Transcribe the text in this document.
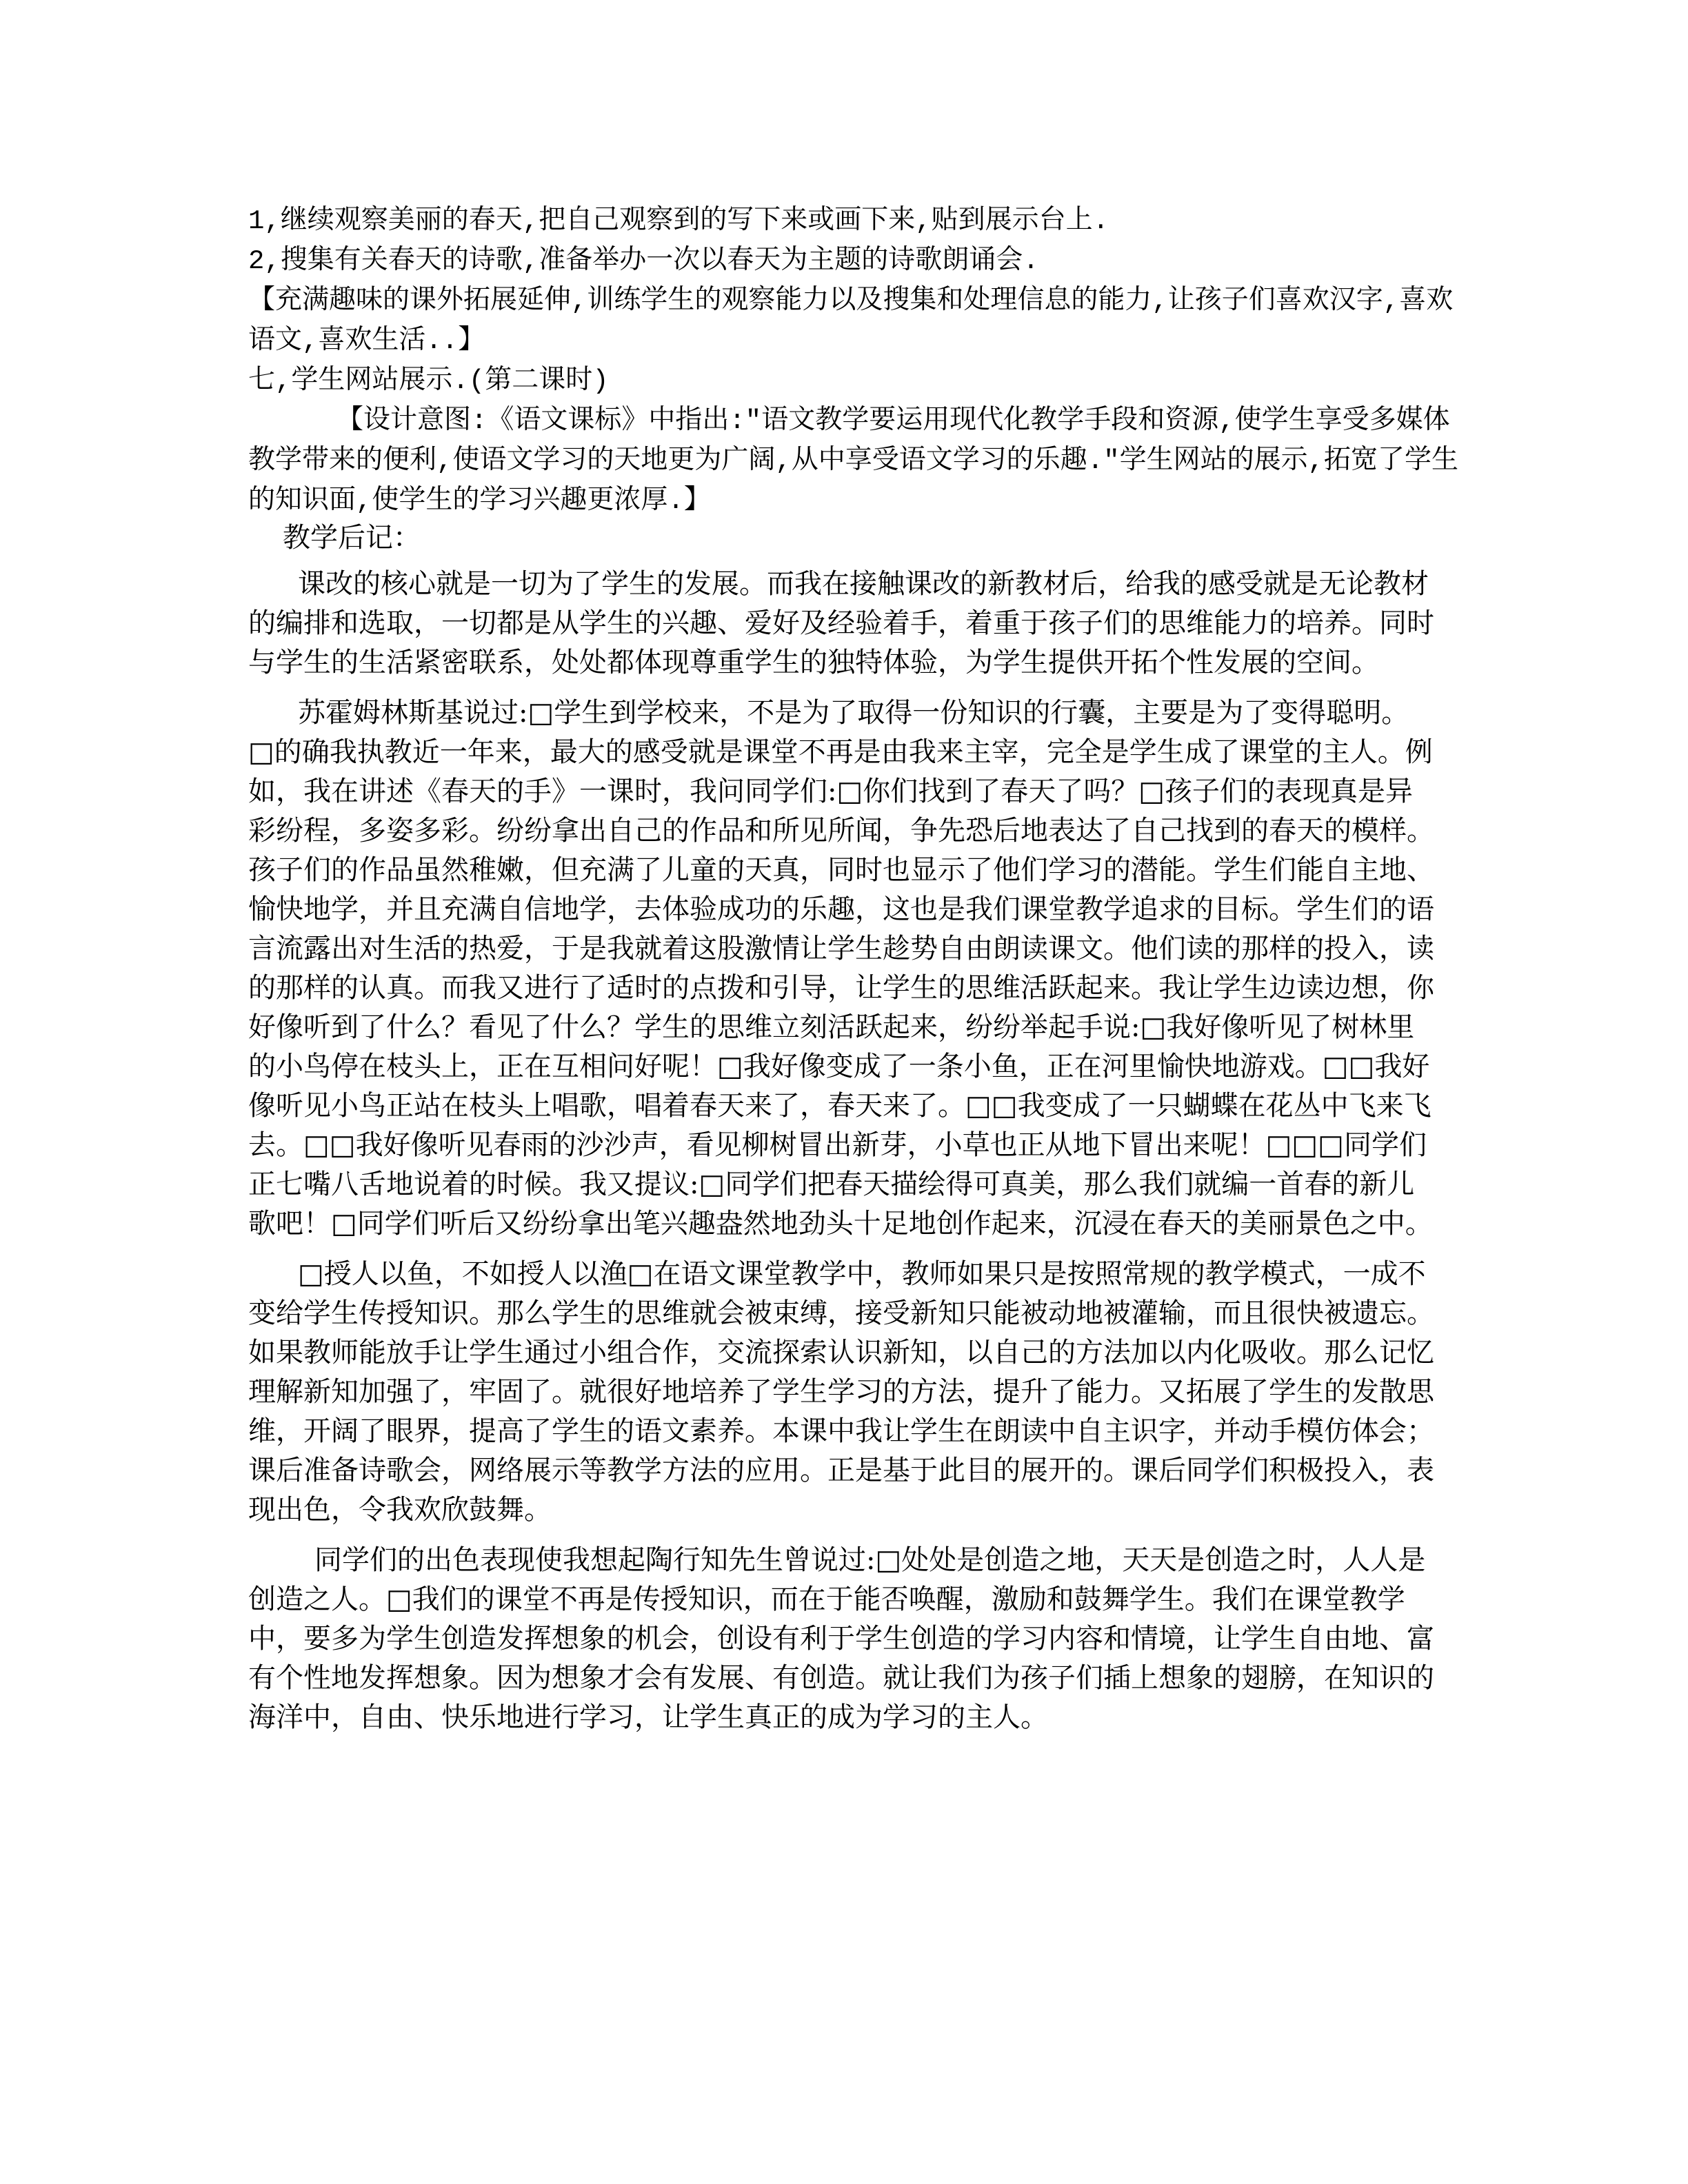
1,继续观察美丽的春天,把自己观察到的写下来或画下来,贴到展示台上.

2,搜集有关春天的诗歌,准备举办一次以春天为主题的诗歌朗诵会.

【充满趣味的课外拓展延伸,训练学生的观察能力以及搜集和处理信息的能力,让孩子们喜欢汉字,喜欢语文,喜欢生活..】

七,学生网站展示.(第二课时)

【设计意图:《语文课标》中指出:"语文教学要运用现代化教学手段和资源,使学生享受多媒体教学带来的便利,使语文学习的天地更为广阔,从中享受语文学习的乐趣."学生网站的展示,拓宽了学生的知识面,使学生的学习兴趣更浓厚.】

教学后记：

课改的核心就是一切为了学生的发展。而我在接触课改的新教材后，给我的感受就是无论教材的编排和选取，一切都是从学生的兴趣、爱好及经验着手，着重于孩子们的思维能力的培养。同时与学生的生活紧密联系，处处都体现尊重学生的独特体验，为学生提供开拓个性发展的空间。

苏霍姆林斯基说过:□学生到学校来，不是为了取得一份知识的行囊，主要是为了变得聪明。□的确我执教近一年来，最大的感受就是课堂不再是由我来主宰，完全是学生成了课堂的主人。例如，我在讲述《春天的手》一课时，我问同学们:□你们找到了春天了吗？□孩子们的表现真是异彩纷程，多姿多彩。纷纷拿出自己的作品和所见所闻，争先恐后地表达了自己找到的春天的模样。孩子们的作品虽然稚嫩，但充满了儿童的天真，同时也显示了他们学习的潜能。学生们能自主地、愉快地学，并且充满自信地学，去体验成功的乐趣，这也是我们课堂教学追求的目标。学生们的语言流露出对生活的热爱，于是我就着这股激情让学生趁势自由朗读课文。他们读的那样的投入，读的那样的认真。而我又进行了适时的点拨和引导，让学生的思维活跃起来。我让学生边读边想，你好像听到了什么？看见了什么？学生的思维立刻活跃起来，纷纷举起手说:□我好像听见了树林里的小鸟停在枝头上，正在互相问好呢！□我好像变成了一条小鱼，正在河里愉快地游戏。□□我好像听见小鸟正站在枝头上唱歌，唱着春天来了，春天来了。□□我变成了一只蝴蝶在花丛中飞来飞去。□□我好像听见春雨的沙沙声，看见柳树冒出新芽，小草也正从地下冒出来呢！□□□同学们正七嘴八舌地说着的时候。我又提议:□同学们把春天描绘得可真美，那么我们就编一首春的新儿歌吧！□同学们听后又纷纷拿出笔兴趣盎然地劲头十足地创作起来，沉浸在春天的美丽景色之中。

□授人以鱼，不如授人以渔□在语文课堂教学中，教师如果只是按照常规的教学模式，一成不变给学生传授知识。那么学生的思维就会被束缚，接受新知只能被动地被灌输，而且很快被遗忘。如果教师能放手让学生通过小组合作，交流探索认识新知，以自己的方法加以内化吸收。那么记忆理解新知加强了，牢固了。就很好地培养了学生学习的方法，提升了能力。又拓展了学生的发散思维，开阔了眼界，提高了学生的语文素养。本课中我让学生在朗读中自主识字，并动手模仿体会；课后准备诗歌会，网络展示等教学方法的应用。正是基于此目的展开的。课后同学们积极投入，表现出色，令我欢欣鼓舞。

同学们的出色表现使我想起陶行知先生曾说过:□处处是创造之地，天天是创造之时，人人是创造之人。□我们的课堂不再是传授知识，而在于能否唤醒，激励和鼓舞学生。我们在课堂教学中，要多为学生创造发挥想象的机会，创设有利于学生创造的学习内容和情境，让学生自由地、富有个性地发挥想象。因为想象才会有发展、有创造。就让我们为孩子们插上想象的翅膀，在知识的海洋中，自由、快乐地进行学习，让学生真正的成为学习的主人。
